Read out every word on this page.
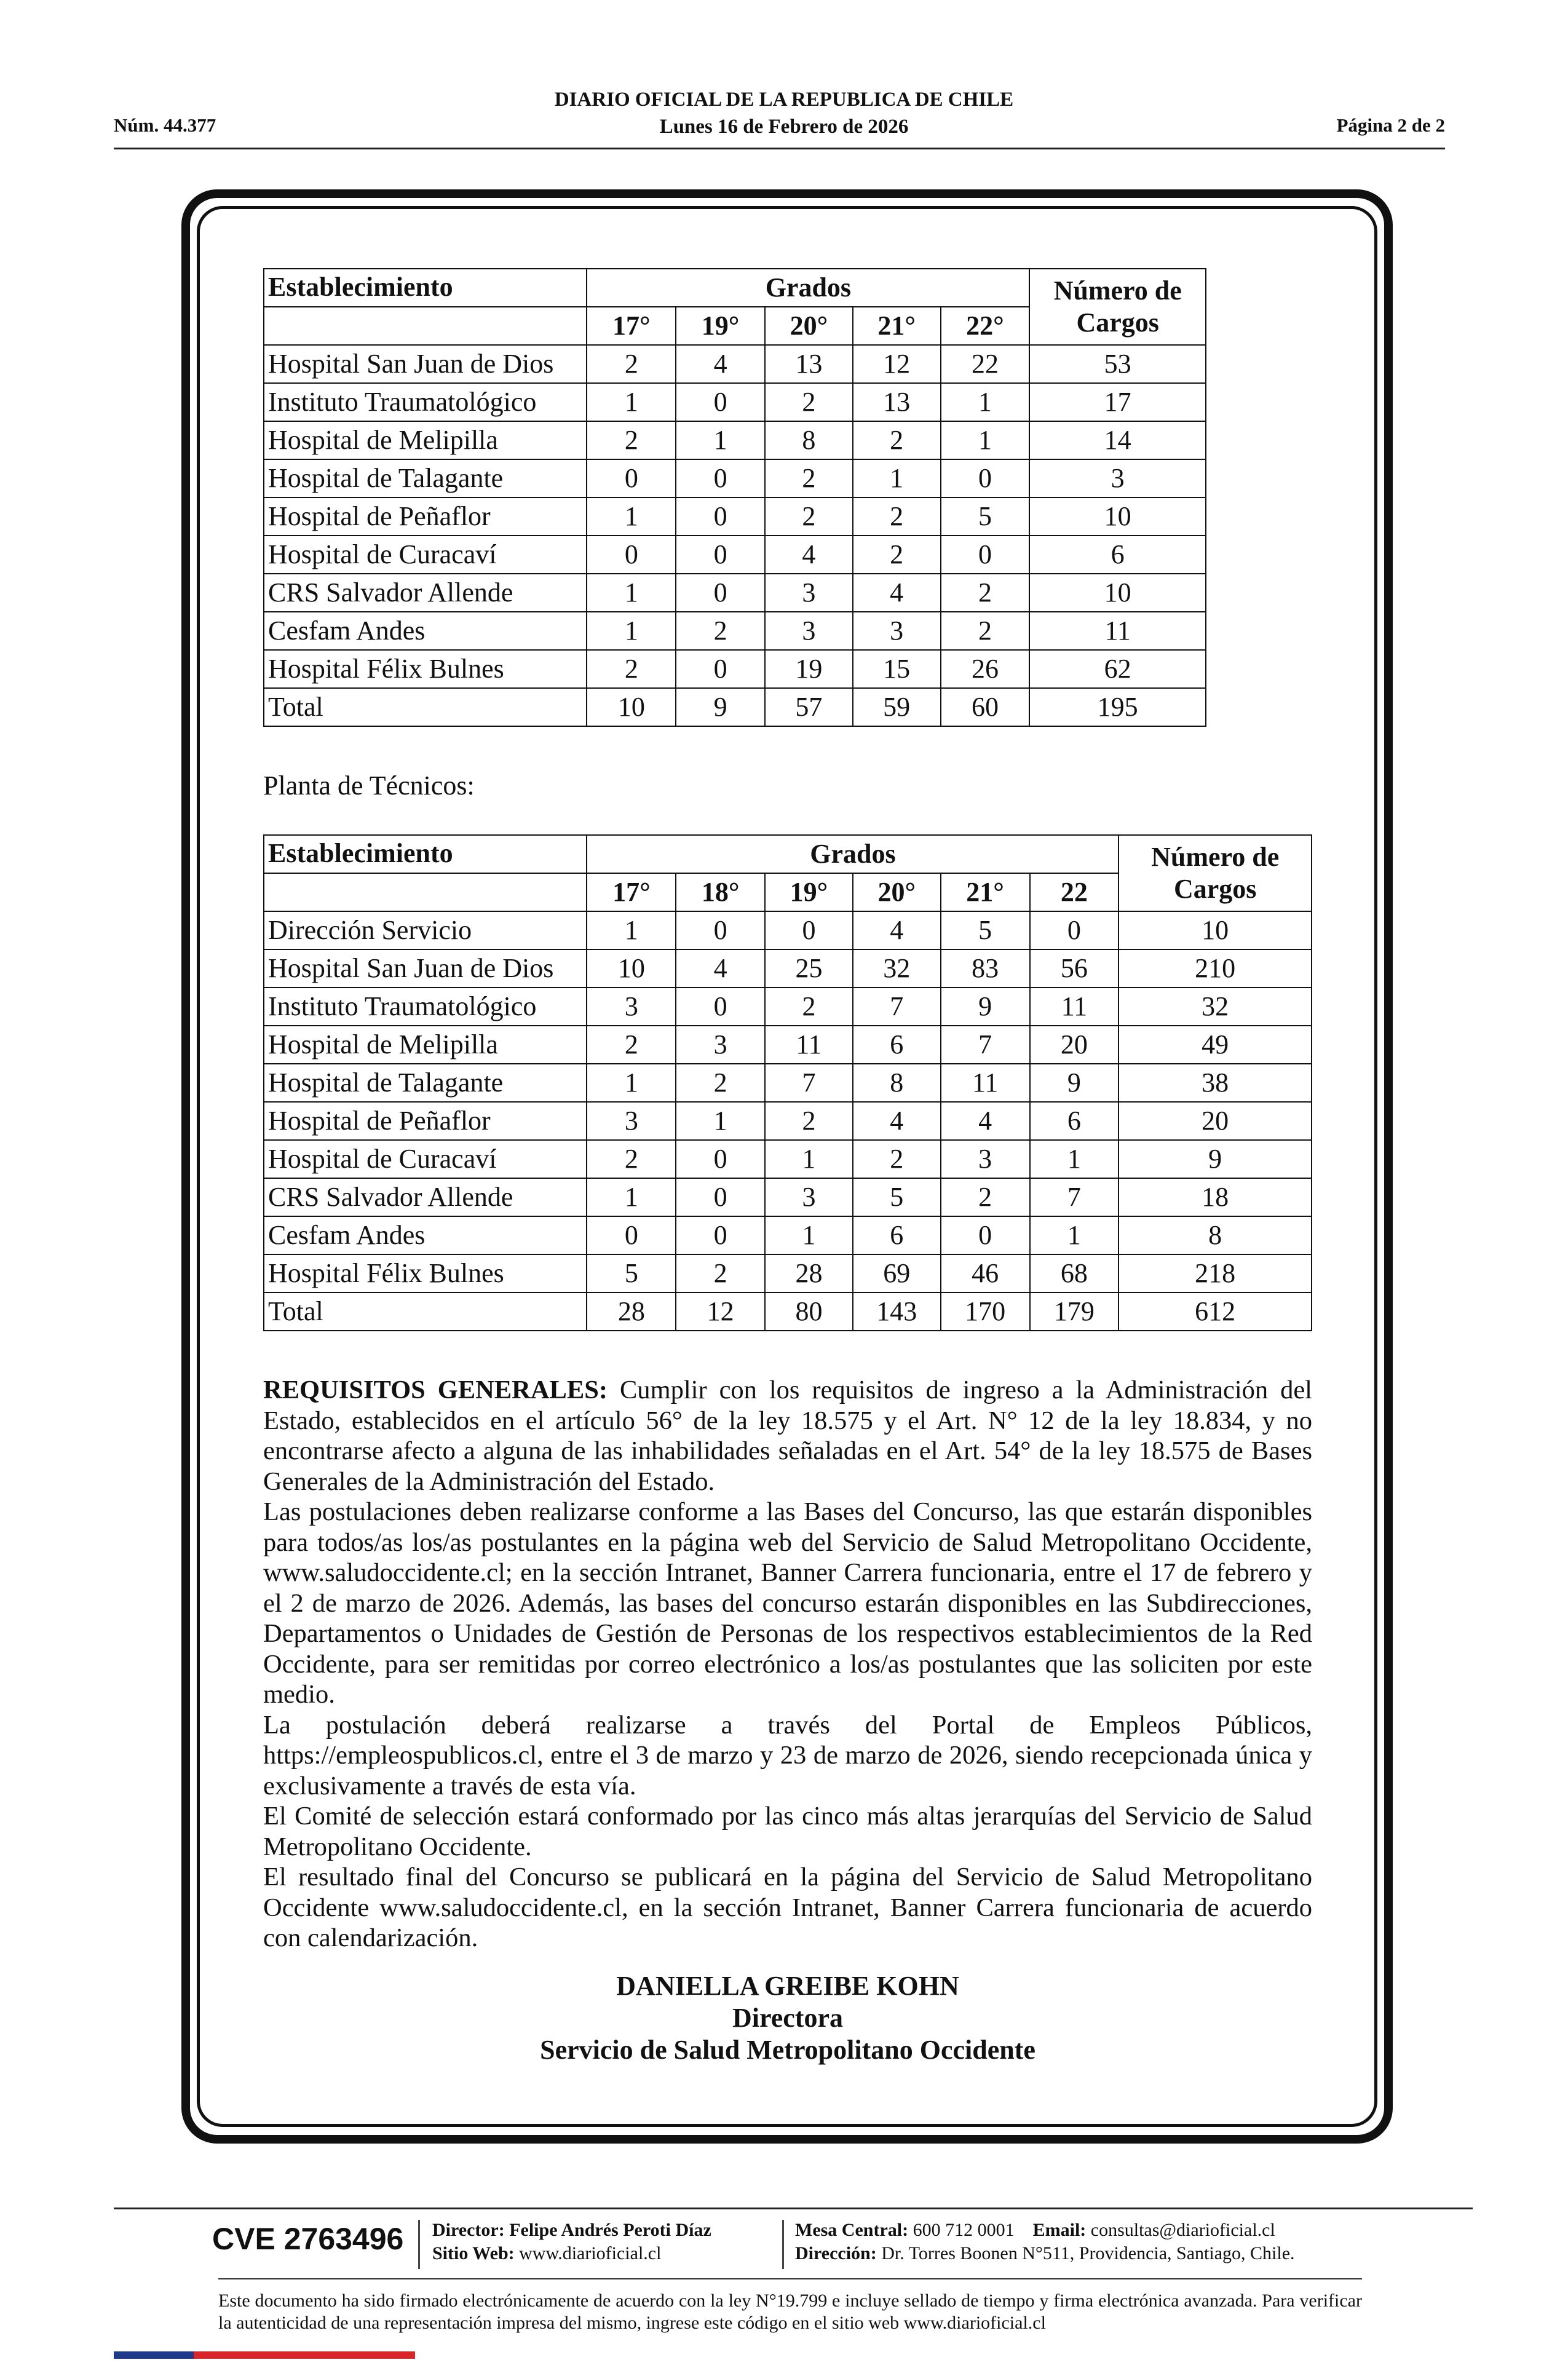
Núm. 44.377
DIARIO OFICIAL DE LA REPUBLICA DE CHILE
Lunes 16 de Febrero de 2026	Página 2 de 2
Establecimiento	Grados					Número de
Cargos

	17°	19°	20°	21°	22°	
Hospital San Juan de Dios	2	4	13	12	22	53
Instituto Traumatológico	1	0	2	13	1	17
Hospital de Melipilla	2	1	8	2	1	14
Hospital de Talagante	0	0	2	1	0	3
Hospital de Peñaflor	1	0	2	2	5	10
Hospital de Curacaví	0	0	4	2	0	6
CRS Salvador Allende	1	0	3	4	2	10
Cesfam Andes	1	2	3	3	2	11
Hospital Félix Bulnes	2	0	19	15	26	62
Total	10	9	57	59	60	195
Planta de Técnicos:
Establecimiento	Grados						Número de
Cargos

	17°	18°	19°	20°	21°	22	
Dirección Servicio	1	0	0	4	5	0	10
Hospital San Juan de Dios	10	4	25	32	83	56	210
Instituto Traumatológico	3	0	2	7	9	11	32
Hospital de Melipilla	2	3	11	6	7	20	49
Hospital de Talagante	1	2	7	8	11	9	38
Hospital de Peñaflor	3	1	2	4	4	6	20
Hospital de Curacaví	2	0	1	2	3	1	9
CRS Salvador Allende	1	0	3	5	2	7	18
Cesfam Andes	0	0	1	6	0	1	8
Hospital Félix Bulnes	5	2	28	69	46	68	218
Total	28	12	80	143	170	179	612

REQUISITOS GENERALES: Cumplir con los requisitos de ingreso a la Administración del Estado, establecidos en el artículo 56° de la ley 18.575 y el Art. N° 12 de la ley 18.834, y no encontrarse afecto a alguna de las inhabilidades señaladas en el Art. 54° de la ley 18.575 de Bases Generales de la Administración del Estado.

Las postulaciones deben realizarse conforme a las Bases del Concurso, las que estarán disponibles para todos/as los/as postulantes en la página web del Servicio de Salud Metropolitano Occidente, www.saludoccidente.cl; en la sección Intranet, Banner Carrera funcionaria, entre el 17 de febrero y el 2 de marzo de 2026. Además, las bases del concurso estarán disponibles en las Subdirecciones, Departamentos o Unidades de Gestión de Personas de los respectivos establecimientos de la Red Occidente, para ser remitidas por correo electrónico a los/as postulantes que las soliciten por este medio.

La postulación deberá realizarse a través del Portal de Empleos Públicos, https://empleospublicos.cl, entre el 3 de marzo y 23 de marzo de 2026, siendo recepcionada única y exclusivamente a través de esta vía.

El Comité de selección estará conformado por las cinco más altas jerarquías del Servicio de Salud Metropolitano Occidente.

El resultado final del Concurso se publicará en la página del Servicio de Salud Metropolitano Occidente www.saludoccidente.cl, en la sección Intranet, Banner Carrera funcionaria de acuerdo con calendarización.

DANIELLA GREIBE KOHN
Directora
Servicio de Salud Metropolitano Occidente
CVE 2763496 Director: Felipe Andrés Peroti Díaz
Sitio Web: www.diarioficial.cl
Mesa Central: 600 712 0001 Email: consultas@diarioficial.cl
Dirección: Dr. Torres Boonen N°511, Providencia, Santiago, Chile.

Este documento ha sido firmado electrónicamente de acuerdo con la ley N°19.799 e incluye sellado de tiempo y firma electrónica avanzada. Para verificar la autenticidad de una representación impresa del mismo, ingrese este código en el sitio web www.diarioficial.cl
